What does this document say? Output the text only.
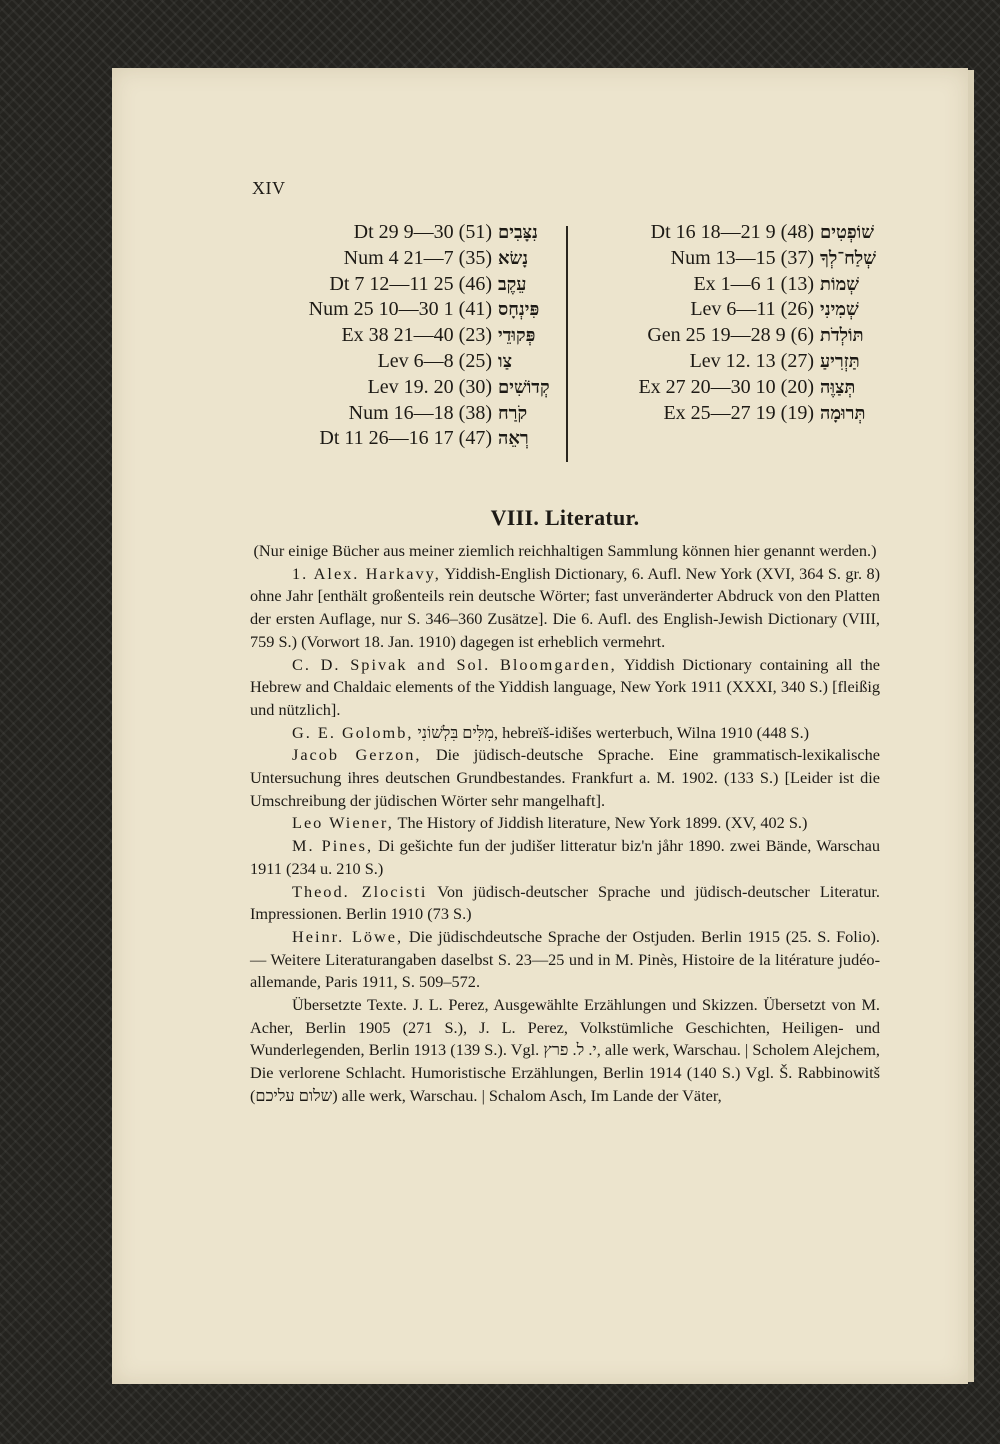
XIV
Dt 29 9—30 (51) נִצָּבִים
Num 4 21—7 (35) נָשׂא
Dt 7 12—11 25 (46) עֵקֶב
Num 25 10—30 1 (41) פִּינְחָס
Ex 38 21—40 (23) פְּקוּדֵי
Lev 6—8 (25) צַו
Lev 19. 20 (30) קְדוֹשִׁים
Num 16—18 (38) קֹרַח
Dt 11 26—16 17 (47) רְאֵה
Dt 16 18—21 9 (48) שׁוֹפְטִים
Num 13—15 (37) שְׁלַח־לְךָ
Ex 1—6 1 (13) שְׁמוֹת
Lev 6—11 (26) שְׁמִינִי
Gen 25 19—28 9 (6) תּוֹלְדֹת
Lev 12. 13 (27) תַּזְרִיעַ
Ex 27 20—30 10 (20) תְּצַוֶּה
Ex 25—27 19 (19) תְּרוּמָה
VIII. Literatur.

(Nur einige Bücher aus meiner ziemlich reichhaltigen Sammlung können hier genannt werden.)

1. Alex. Harkavy, Yiddish-English Dictionary, 6. Aufl. New York (XVI, 364 S. gr. 8) ohne Jahr [enthält großenteils rein deutsche Wörter; fast unveränderter Abdruck von den Platten der ersten Auflage, nur S. 346–360 Zusätze]. Die 6. Aufl. des English-Jewish Dictionary (VIII, 759 S.) (Vorwort 18. Jan. 1910) dagegen ist erheblich vermehrt.

C. D. Spivak and Sol. Bloomgarden, Yiddish Dictionary containing all the Hebrew and Chaldaic elements of the Yiddish language, New York 1911 (XXXI, 340 S.) [fleißig und nützlich].

G. E. Golomb, מִלִּים בִּלְשׁוֹנִי, hebreïš-idišes werterbuch, Wilna 1910 (448 S.)

Jacob Gerzon, Die jüdisch-deutsche Sprache. Eine grammatisch-lexikalische Untersuchung ihres deutschen Grundbestandes. Frankfurt a. M. 1902. (133 S.) [Leider ist die Umschreibung der jüdischen Wörter sehr mangelhaft].

Leo Wiener, The History of Jiddish literature, New York 1899. (XV, 402 S.)

M. Pines, Di gešichte fun der judišer litteratur biz'n jåhr 1890. zwei Bände, Warschau 1911 (234 u. 210 S.)

Theod. Zlocisti Von jüdisch-deutscher Sprache und jüdisch-deutscher Literatur. Impressionen. Berlin 1910 (73 S.)

Heinr. Löwe, Die jüdischdeutsche Sprache der Ostjuden. Berlin 1915 (25. S. Folio). — Weitere Literaturangaben daselbst S. 23—25 und in M. Pinès, Histoire de la litérature judéo-allemande, Paris 1911, S. 509–572.

Übersetzte Texte. J. L. Perez, Ausgewählte Erzählungen und Skizzen. Übersetzt von M. Acher, Berlin 1905 (271 S.), J. L. Perez, Volkstümliche Geschichten, Heiligen- und Wunderlegenden, Berlin 1913 (139 S.). Vgl. י. ל. פרץ, alle werk, Warschau. | Scholem Alejchem, Die verlorene Schlacht. Humoristische Erzählungen, Berlin 1914 (140 S.) Vgl. Š. Rabbinowitš (שלום עליכם) alle werk, Warschau. | Schalom Asch, Im Lande der Väter,
